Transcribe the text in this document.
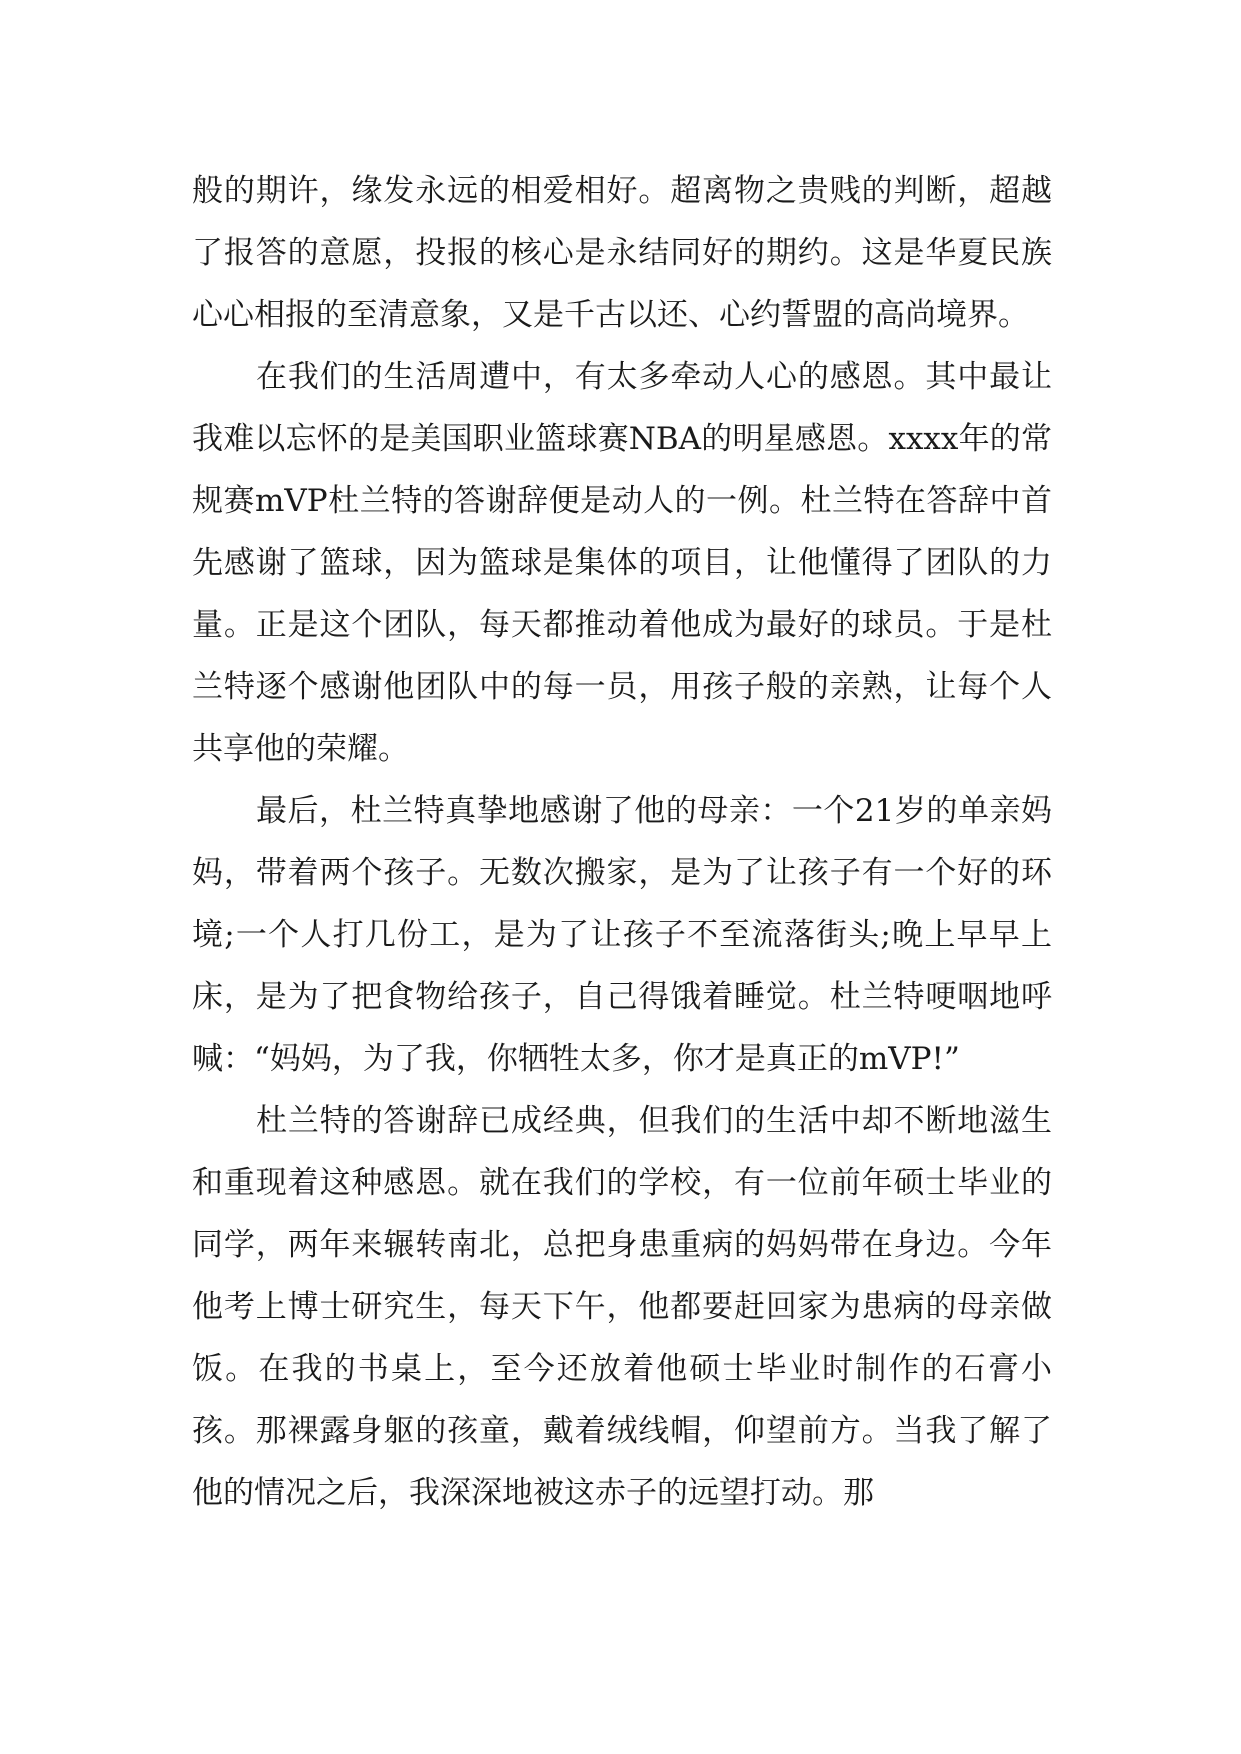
般的期许，缘发永远的相爱相好。超离物之贵贱的判断，超越了报答的意愿，投报的核心是永结同好的期约。这是华夏民族心心相报的至清意象，又是千古以还、心约誓盟的高尚境界。

在我们的生活周遭中，有太多牵动人心的感恩。其中最让我难以忘怀的是美国职业篮球赛NBA的明星感恩。xxxx年的常规赛mVP杜兰特的答谢辞便是动人的一例。杜兰特在答辞中首先感谢了篮球，因为篮球是集体的项目，让他懂得了团队的力量。正是这个团队，每天都推动着他成为最好的球员。于是杜兰特逐个感谢他团队中的每一员，用孩子般的亲熟，让每个人共享他的荣耀。

最后，杜兰特真挚地感谢了他的母亲：一个21岁的单亲妈妈，带着两个孩子。无数次搬家，是为了让孩子有一个好的环境;一个人打几份工，是为了让孩子不至流落街头;晚上早早上床，是为了把食物给孩子，自己得饿着睡觉。杜兰特哽咽地呼喊：“妈妈，为了我，你牺牲太多，你才是真正的mVP!”

杜兰特的答谢辞已成经典，但我们的生活中却不断地滋生和重现着这种感恩。就在我们的学校，有一位前年硕士毕业的同学，两年来辗转南北，总把身患重病的妈妈带在身边。今年他考上博士研究生，每天下午，他都要赶回家为患病的母亲做饭。在我的书桌上，至今还放着他硕士毕业时制作的石膏小孩。那裸露身躯的孩童，戴着绒线帽，仰望前方。当我了解了他的情况之后，我深深地被这赤子的远望打动。那
